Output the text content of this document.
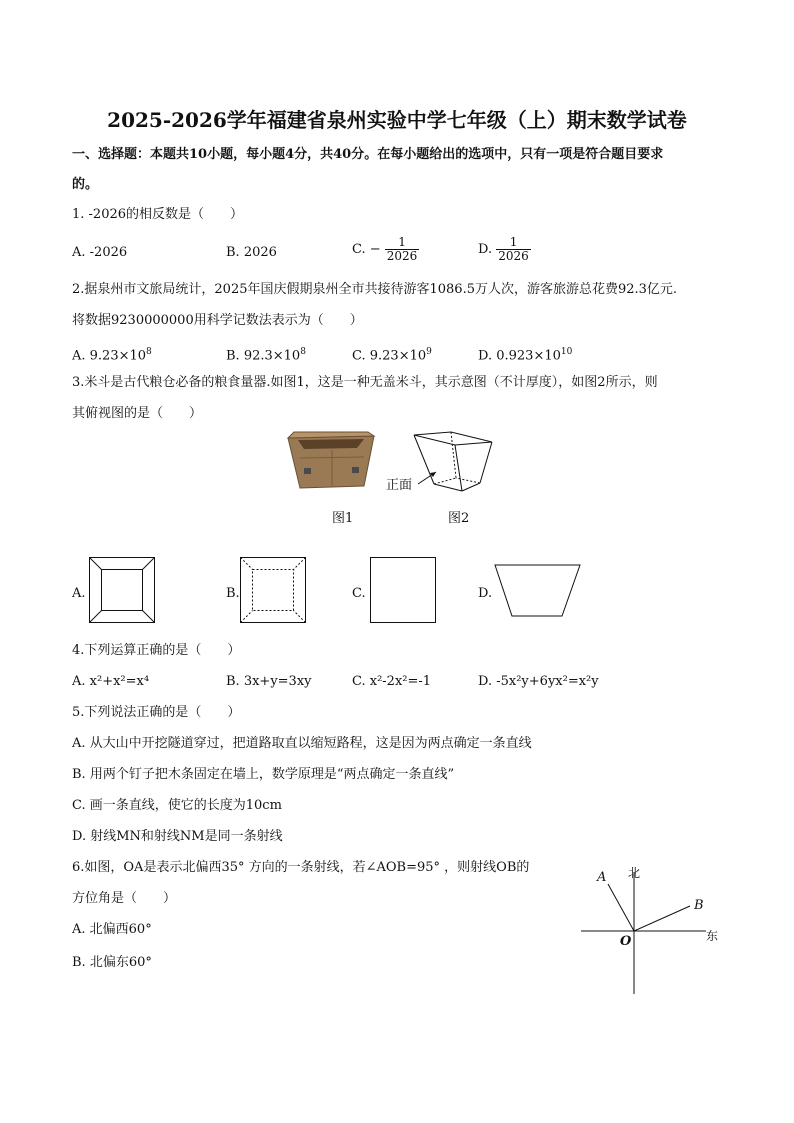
2025-2026学年福建省泉州实验中学七年级（上）期末数学试卷
一、选择题：本题共10小题，每小题4分，共40分。在每小题给出的选项中，只有一项是符合题目要求
的。
1. -2026的相反数是（　　）
A. -2026	B. 2026	C. − $\frac{1}{2026}$	D. $\frac{1}{2026}$
2.据泉州市文旅局统计，2025年国庆假期泉州全市共接待游客1086.5万人次，游客旅游总花费92.3亿元.
将数据9230000000用科学记数法表示为（　　）
A. $9.23\times 10^8$	B. $92.3\times 10^8$	C. $9.23\times 10^9$	D. $0.923\times 10^{10}$
3.米斗是古代粮仓必备的粮食量器.如图1，这是一种无盖米斗，其示意图（不计厚度），如图2所示，则
其俯视图的是（　　）
正面
图1	图2
A.	B.	C.	D.
4.下列运算正确的是（　　）
A. x²+x²=x⁴	B. 3x+y=3xy	C. x²-2x²=-1	D. -5x²y+6yx²=x²y
5.下列说法正确的是（　　）
A. 从大山中开挖隧道穿过，把道路取直以缩短路程，这是因为两点确定一条直线
B. 用两个钉子把木条固定在墙上，数学原理是“两点确定一条直线”
C. 画一条直线，使它的长度为10cm
D. 射线MN和射线NM是同一条射线
6.如图，OA是表示北偏西35° 方向的一条射线，若∠AOB=95° ，则射线OB的
方位角是（　　）
A. 北偏西60°
B. 北偏东60°
北
东
A
B
O
